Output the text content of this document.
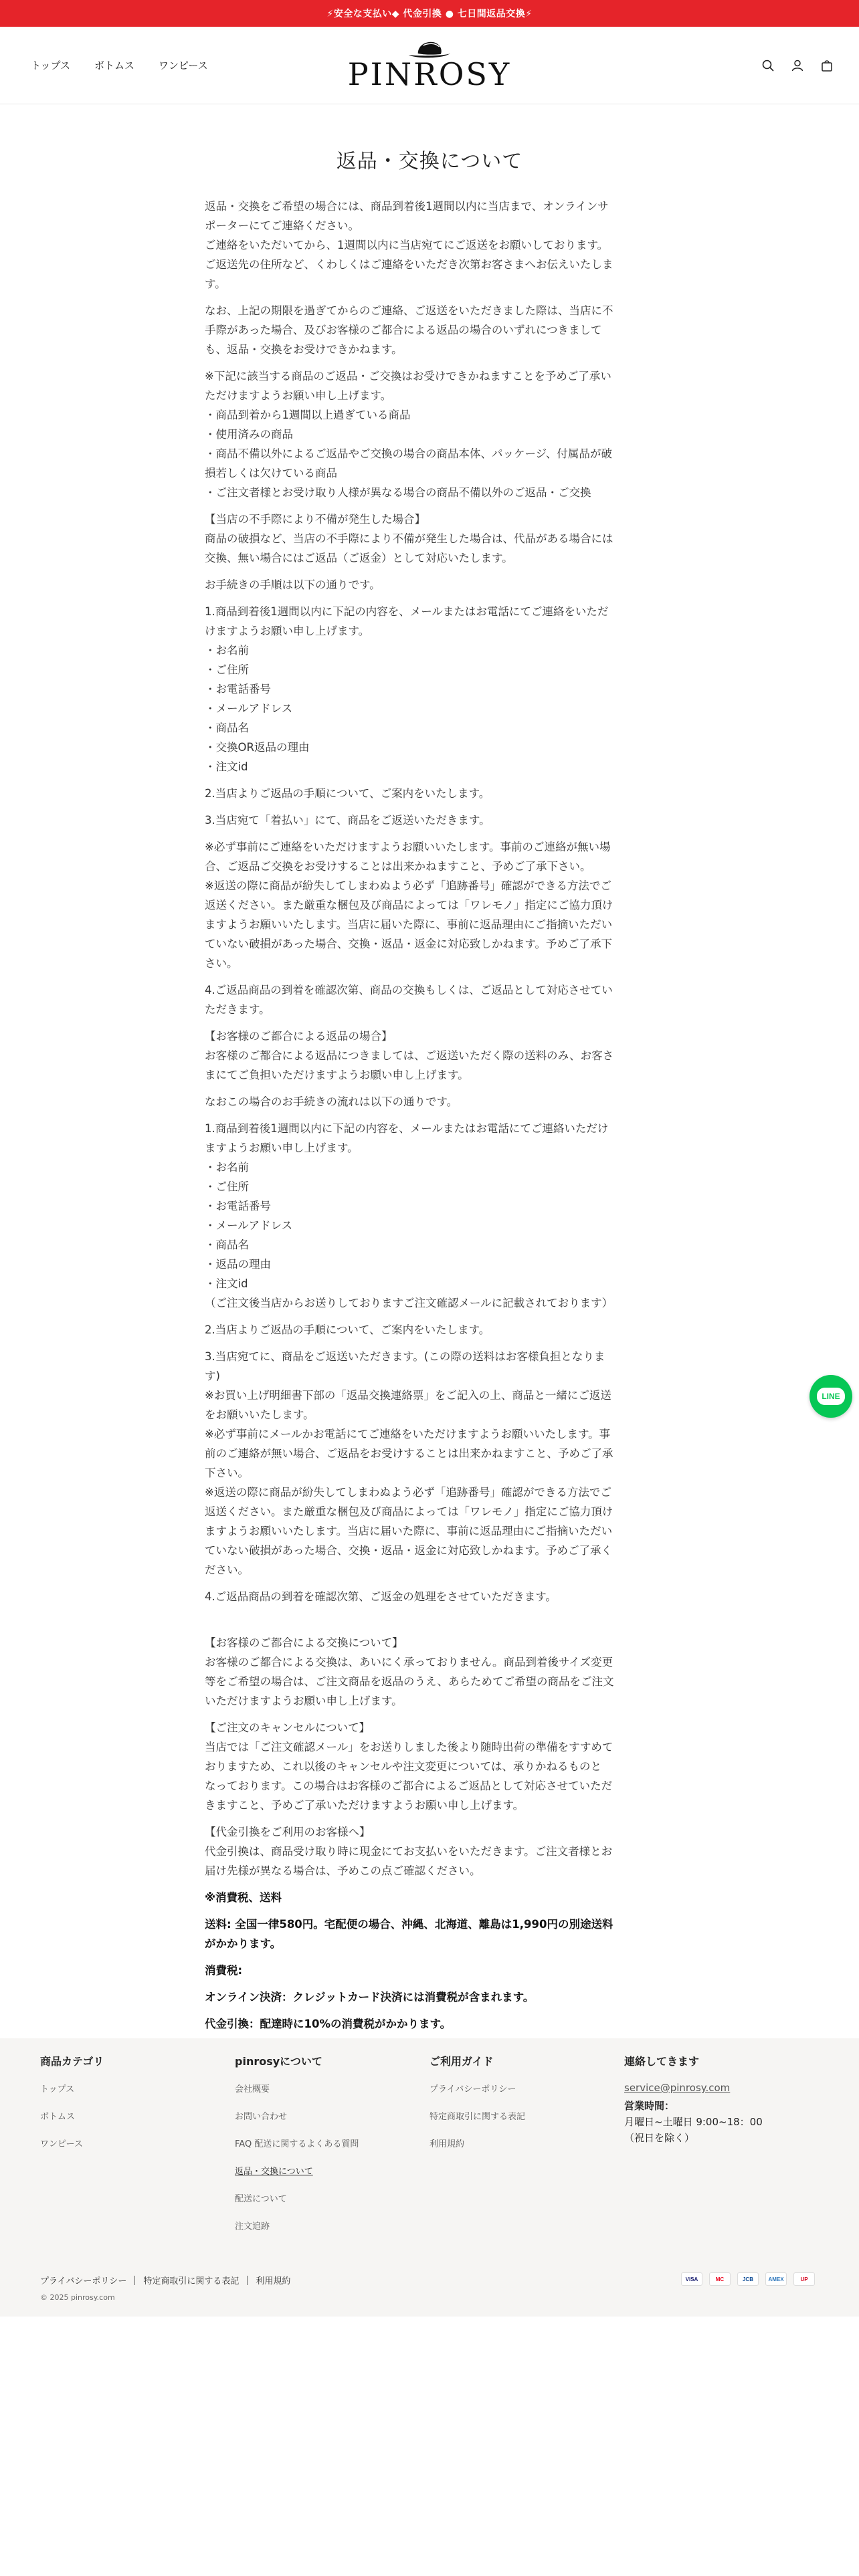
⚡安全な支払い◆ 代金引換 ● 七日間返品交換⚡
トップス ボトムス ワンピース	PINROSY
返品・交換について
返品・交換をご希望の場合には、商品到着後1週間以内に当店まで、オンラインサ
ポーターにてご連絡ください。
ご連絡をいただいてから、1週間以内に当店宛てにご返送をお願いしております。
ご返送先の住所など、くわしくはご連絡をいただき次第お客さまへお伝えいたしま
す。
なお、上記の期限を過ぎてからのご連絡、ご返送をいただきました際は、当店に不
手際があった場合、及びお客様のご都合による返品の場合のいずれにつきまして
も、返品・交換をお受けできかねます。
※下記に該当する商品のご返品・ご交換はお受けできかねますことを予めご了承い
ただけますようお願い申し上げます。
・商品到着から1週間以上過ぎている商品
・使用済みの商品
・商品不備以外によるご返品やご交換の場合の商品本体、パッケージ、付属品が破
損若しくは欠けている商品
・ご注文者様とお受け取り人様が異なる場合の商品不備以外のご返品・ご交換
【当店の不手際により不備が発生した場合】
商品の破損など、当店の不手際により不備が発生した場合は、代品がある場合には
交換、無い場合にはご返品（ご返金）として対応いたします。
お手続きの手順は以下の通りです。
1.商品到着後1週間以内に下記の内容を、メールまたはお電話にてご連絡をいただ
けますようお願い申し上げます。
・お名前
・ご住所
・お電話番号
・メールアドレス
・商品名
・交換OR返品の理由
・注文id
2.当店よりご返品の手順について、ご案内をいたします。
3.当店宛て「着払い」にて、商品をご返送いただきます。
※必ず事前にご連絡をいただけますようお願いいたします。事前のご連絡が無い場
合、ご返品ご交換をお受けすることは出来かねますこと、予めご了承下さい。
※返送の際に商品が紛失してしまわぬよう必ず「追跡番号」確認ができる方法でご
返送ください。また厳重な梱包及び商品によっては「ワレモノ」指定にご協力頂け
ますようお願いいたします。当店に届いた際に、事前に返品理由にご指摘いただい
ていない破損があった場合、交換・返品・返金に対応致しかねます。予めご了承下
さい。
4.ご返品商品の到着を確認次第、商品の交換もしくは、ご返品として対応させてい
ただきます。
【お客様のご都合による返品の場合】
お客様のご都合による返品につきましては、ご返送いただく際の送料のみ、お客さ
まにてご負担いただけますようお願い申し上げます。
なおこの場合のお手続きの流れは以下の通りです。
1.商品到着後1週間以内に下記の内容を、メールまたはお電話にてご連絡いただけ
ますようお願い申し上げます。
・お名前
・ご住所
・お電話番号
・メールアドレス
・商品名
・返品の理由
・注文id
（ご注文後当店からお送りしておりますご注文確認メールに記載されております）
2.当店よりご返品の手順について、ご案内をいたします。
3.当店宛てに、商品をご返送いただきます。(この際の送料はお客様負担となりま
す)
※お買い上げ明細書下部の「返品交換連絡票」をご記入の上、商品と一緒にご返送
をお願いいたします。
※必ず事前にメールかお電話にてご連絡をいただけますようお願いいたします。事
前のご連絡が無い場合、ご返品をお受けすることは出来かねますこと、予めご了承
下さい。
※返送の際に商品が紛失してしまわぬよう必ず「追跡番号」確認ができる方法でご
返送ください。また厳重な梱包及び商品によっては「ワレモノ」指定にご協力頂け
ますようお願いいたします。当店に届いた際に、事前に返品理由にご指摘いただい
ていない破損があった場合、交換・返品・返金に対応致しかねます。予めご了承く
ださい。
4.ご返品商品の到着を確認次第、ご返金の処理をさせていただきます。

【お客様のご都合による交換について】
お客様のご都合による交換は、あいにく承っておりません。商品到着後サイズ変更
等をご希望の場合は、ご注文商品を返品のうえ、あらためてご希望の商品をご注文
いただけますようお願い申し上げます。
【ご注文のキャンセルについて】
当店では「ご注文確認メール」をお送りしました後より随時出荷の準備をすすめて
おりますため、これ以後のキャンセルや注文変更については、承りかねるものと
なっております。この場合はお客様のご都合によるご返品として対応させていただ
きますこと、予めご了承いただけますようお願い申し上げます。
【代金引換をご利用のお客様へ】
代金引換は、商品受け取り時に現金にてお支払いをいただきます。ご注文者様とお
届け先様が異なる場合は、予めこの点ご確認ください。
※消費税、送料
送料: 全国一律580円。宅配便の場合、沖縄、北海道、離島は1,990円の別途送料
がかかります。
消費税:
オンライン決済：クレジットカード決済には消費税が含まれます。
代金引換：配達時に10%の消費税がかかります。
LINE
商品カテゴリ
トップス
ボトムス
ワンピース
pinrosyについて
会社概要
お問い合わせ
FAQ 配送に関するよくある質問
返品・交換について
配送について
注文追跡
ご利用ガイド
プライバシーポリシー
特定商取引に関する表記
利用規約
連絡してきます
service@pinrosy.com
営業時間：
月曜日~土曜日 9:00~18：00
（祝日を除く）
プライバシーポリシー 特定商取引に関する表記 利用規約
© 2025 pinrosy.com
VISA	MC	JCB	AMEX	UP
